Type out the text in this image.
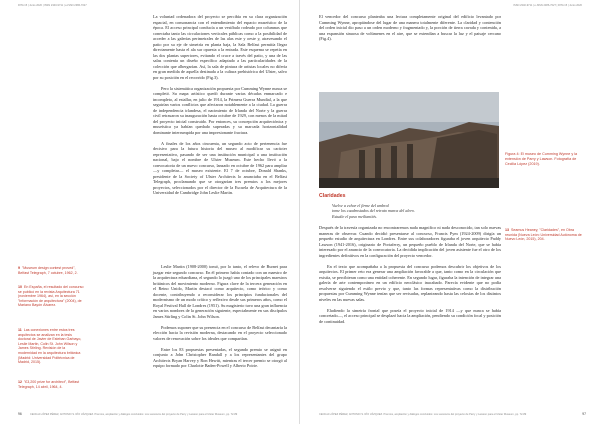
RITA 15 | Junio 2020 | ISSN 2340-9711 | e-ISSN 2386-7027

La voluntad ordenadora del proyecto se percibía en su clara organización espacial, en consonancia con el entendimiento del espacio museístico de la época. El acceso principal conducía a un vestíbulo rodeado por columnas que conectaba tanto las circulaciones verticales públicas como a la posibilidad de acceder a las galerías perimetrales de las alas este y oeste y, atravesando el patio por su eje de simetría en planta baja, la Sala Belfast permitía llegar directamente hasta el ala sur opuesta a la entrada. Este esquema se repetía en las dos plantas superiores, evitando el cruce a través del patio, y una de las salas contenía un diseño específico adaptado a las particularidades de la colección que albergarían. Así, la sala de pintura de artistas locales no difería en gran medida de aquella destinada a la cultura prehistórica del Ulster, salvo por su posición en el recorrido (Fig.3).

Pero la sistemática organización propuesta por Cumming Wynne nunca se completó. Su mapa artístico quedó durante varias décadas enmarcado e incompleto, al estallar, en julio de 1914, la Primera Guerra Mundial, a la que seguirían varios conflictos que afectaron notablemente a la ciudad. La guerra de independencia irlandesa, el nacimiento de Irlanda del Norte y la guerra civil retrasaron su inauguración hasta octubre de 1929, con menos de la mitad del proyecto inicial construido. Por entonces, su concepción arquitectónica y museística ya habían quedado superadas y su marcada horizontalidad dominante interrumpida por una impresionante fractura.

A finales de los años cincuenta, un segundo acto de pertenencia fue decisivo para la futura historia del museo al modificar su carácter representativo, pasando de ser una institución municipal a una institución nacional, bajo el nombre de Ulster Museum. Este hecho llevó a la convocatoria de un nuevo concurso, lanzado en octubre de 1962 para ampliar —y completar— el museo existente. El 7 de octubre, Donald Shanks, presidente de la Society of Ulster Architects lo anunciaba en el Belfast Telegraph, proclamando que se otorgarían tres premios a los mejores proyectos, seleccionados por el director de la Escuela de Arquitectura de la Universidad de Cambridge John Leslie Martin.

Leslie Martin (1908-2000) tomó, por lo tanto, el relevo de Burnet para juzgar este segundo concurso. En él primero había contado con un maestro de la arquitectura eduardiana, el segundo lo juzgó uno de los principales maestros británicos del movimiento moderno. Figura clave de la tercera generación en el Reino Unido, Martin destacó como arquitecto, como teórico y como docente, contribuyendo a reconsiderar los principios fundacionales del modernismo de un modo crítico y reflexivo desde sus primeros años, como el Royal Festival Hall de Londres (1951). Su magisterio tuvo una gran influencia en varios nombres de la generación siguiente, especialmente en sus discípulos James Stirling y Colin St. John Wilson.

Podemos suponer que su presencia en el concurso de Belfast decantaría la elección hacia la revisión moderna, destacando en el proyecto seleccionado valores de renovación sobre los ideales que compartían.

Entre los 83 propuestas presentadas, el segundo premio se asignó en conjunto a John Christopher Randall y a los representantes del grupo Architects Bryan Harvey y Ron Hewitt, mientras el tercer premio se otorgó al equipo formado por Charlotte Baden-Powell y Alberto Poirie.

9 "Museum design contest proved", Belfast Telegraph, 7 octubre, 1962, 2.
10 En España, el resultado del concurso se publicó en la revista Arquitectura 71 (noviembre 1964), así, en la sección "Información de arquitectura" (2004), de Mariano Bayón Álvarez.
11 Las conexiones entre estos tres arquitectos se analizan en la tesis doctoral de Javier de Esteban Garbayo, Leslie Martin, Colin St. John Wilson y James Stirling. Revisión de la modernidad en la arquitectura británica (Madrid: Universidad Politécnica de Madrid, 2015).
12 "£3,200 prize for architect", Belfast Telegraph, 14 abril, 1964, 4.
96	CECILIA LÓPEZ PÉREZ, ANTONIO S. RÍO VÁZQUEZ. Premios, ampliación y diálogos concluidos: Los sucesivos del proyecto de Parry y Lawson para el Ulster Museum, pp. 72-89
ISSN 2340-9711 | e-ISSN 2386-7027 | RITA 15 | Junio 2020

El vencedor del concurso planteaba una lectura completamente original del edificio levantado por Cumming Wynne, apropiándose del lugar de una manera totalmente diferente. La claridad y contención del orden inicial dio paso a un orden moderno y fragmentado y, la porción de tierra cavada y contenida, a una expansión sinuosa de volúmenes en el aire, que se extendían a buscar la luz y el paisaje cercano (Fig.4).

Figura 4: El museo de Cumming Wynne y la extensión de Parry y Lawson. Fotografía de Cecilia López (2019).
Claridades
Vuelve a echar el firme del umbral
tome los cuadrostados del retrato marca del alero.
Estudie el paso meiliantiés.

Después de la travesía organizada no encontraremos nada magnifico ni nada desconocido, tan solo nuevas maneras de observar. Cuando decidió presentarse al concurso, Francis Pym (1924-2009) dirigía un pequeño estudio de arquitectura en Londres. Entre sus colaboradores figuraba el joven arquitecto Paddy Lawson (1941-2016), originario de Portaferry, un pequeño pueblo de Irlanda del Norte, que se había interesado por el anuncio de la convocatoria. La decidida implicación del joven asistente fue el otro de los ingredientes definitivos en la configuración del proyecto vencedor.

En el texto que acompañaba a la propuesta del concurso podemos descubrir los objetivos de los arquitectos. El primer reto era generar una ampliación favorable a que, tanto como en la circulación que existía, se percibieran como una entidad coherente. En segundo lugar, figuraba la intención de integrar una galería de arte contemporáneo en un edificio neoclásico inacabado. Parecía evidente que no podía resolverse siguiendo el estilo previo y que, tanto las formas representativas como la distribución propuestas por Cumming Wynne tenían que ser revisadas, replanteando hasta las celosías de los distintos niveles en las nuevas salas.

Eludiendo la simetría frontal que poseía el proyecto inicial de 1914 —y que nunca se había concretado—, el acceso principal se desplazó hacia la ampliación, pendiendo su condición focal y posición de continuidad.

13 Seamus Heaney, "Claridades", en Obra reunida (Nueva León: Universidad Autónoma de Nuevo León, 2015), 204.
CECILIA LÓPEZ PÉREZ, ANTONIO S. RÍO VÁZQUEZ. Premios, ampliación y diálogos concluidos: Los sucesivos del proyecto de Parry y Lawson para el Ulster Museum, pp. 72-89	97
